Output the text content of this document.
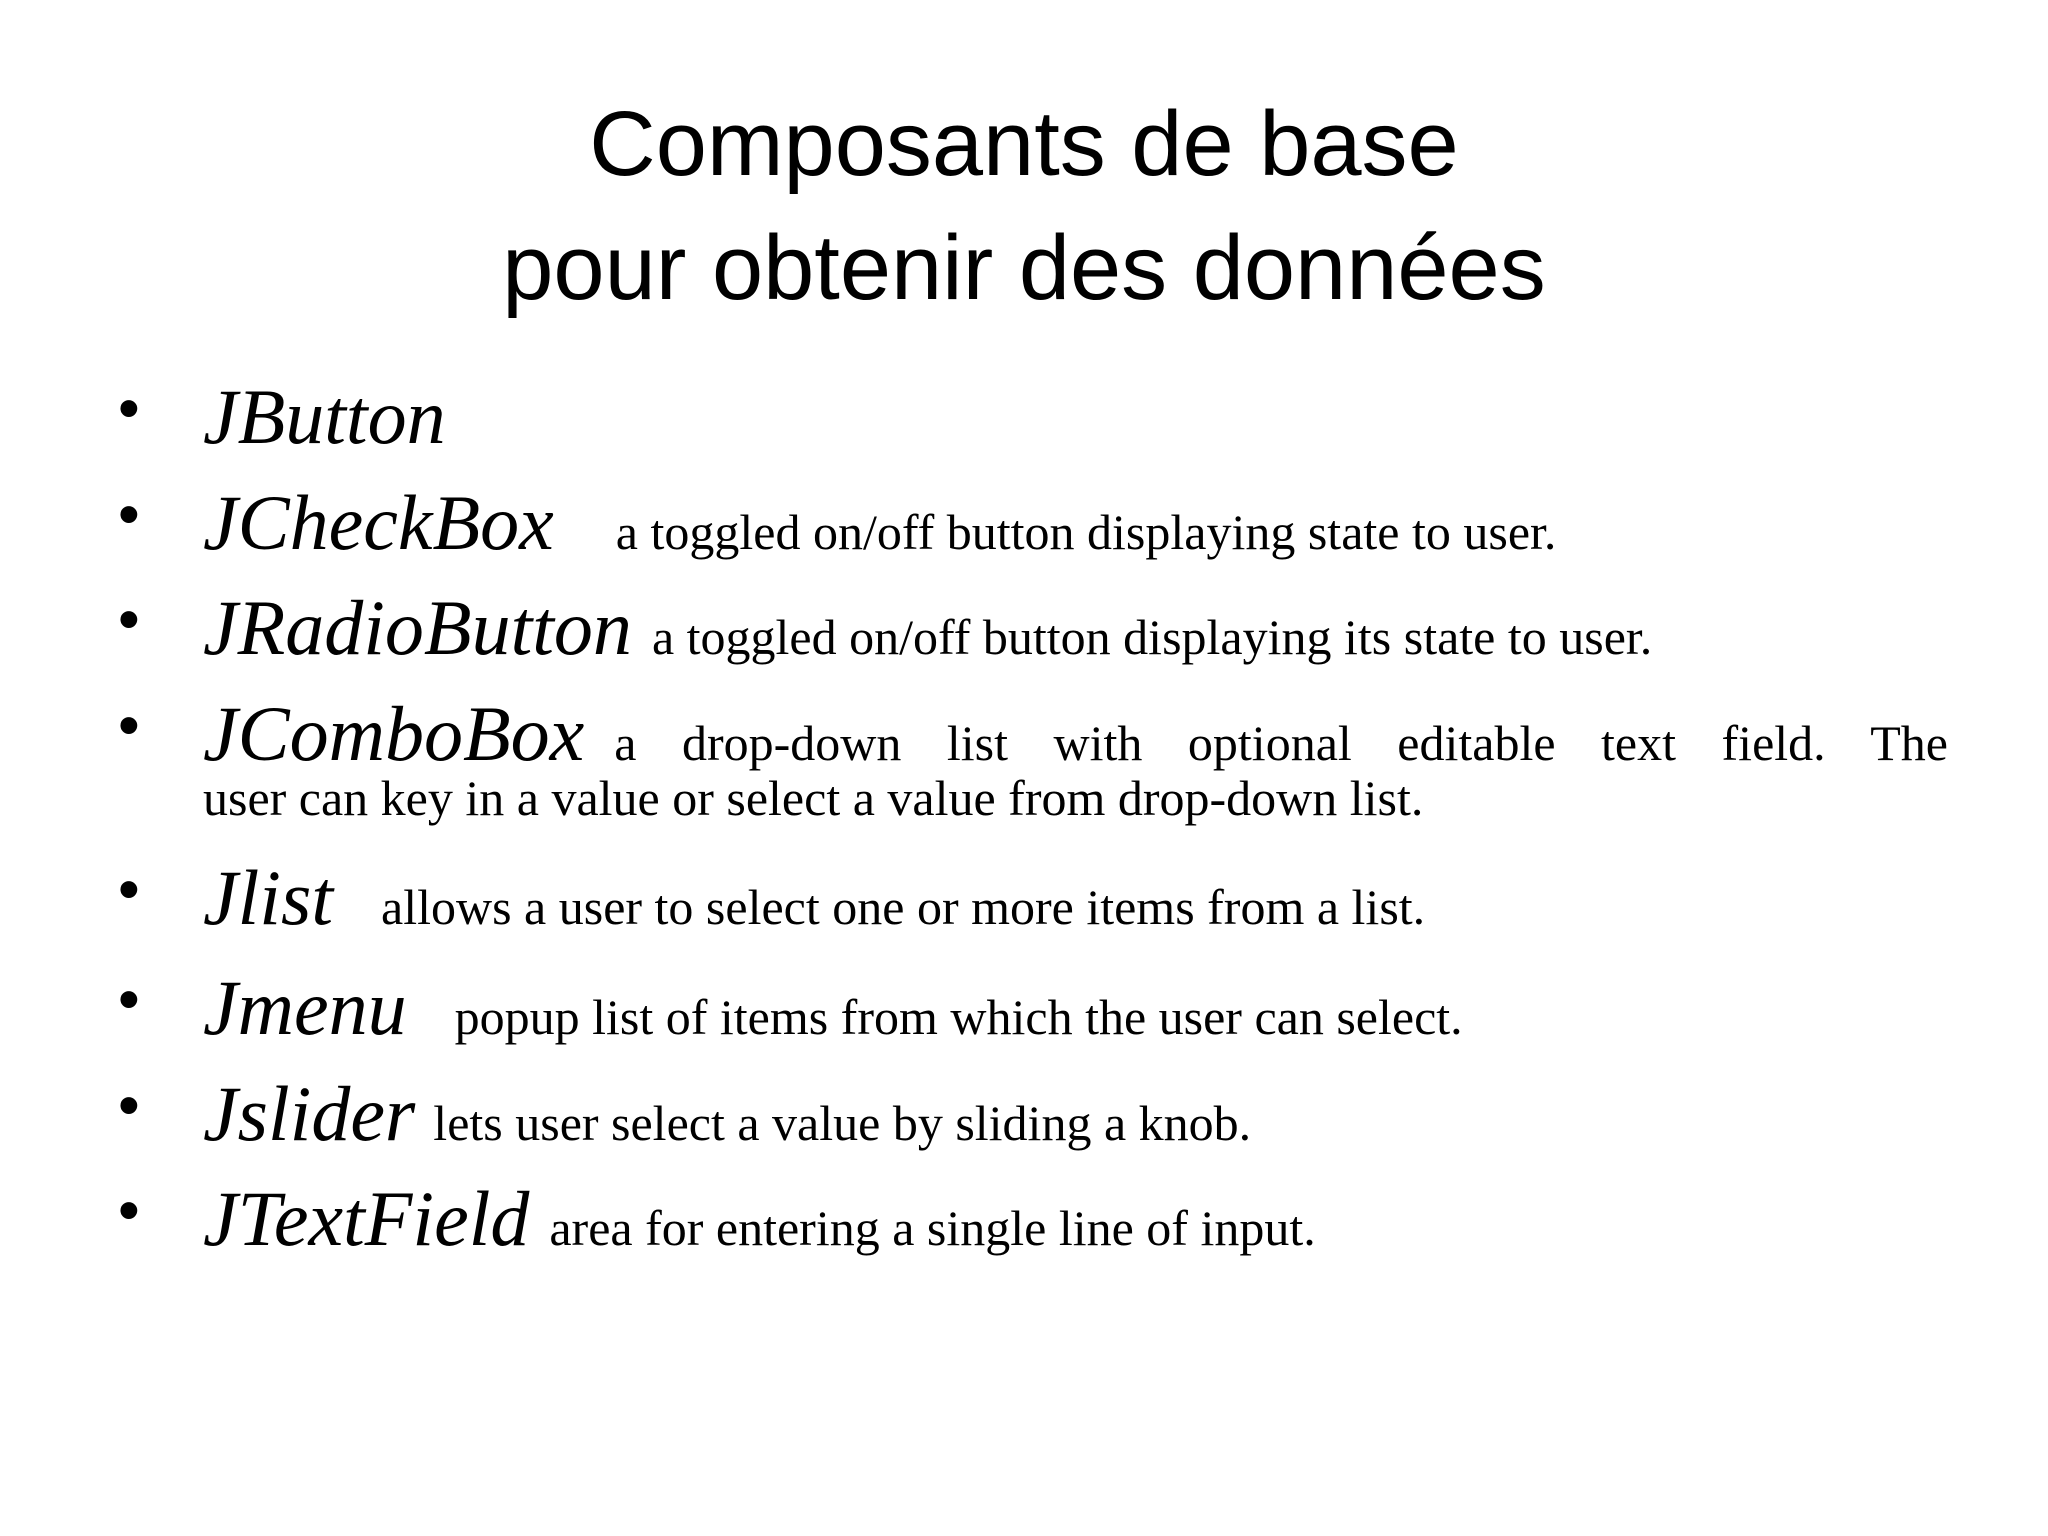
Composants de base
pour obtenir des données
• JButton
• JCheckBox a toggled on/off button displaying state to user.
• JRadioButton a toggled on/off button displaying its state to user.
• JComboBox a drop-down list with optional editable text field. The
user can key in a value or select a value from drop-down list.
• Jlist allows a user to select one or more items from a list.
• Jmenu popup list of items from which the user can select.
• Jslider lets user select a value by sliding a knob.
• JTextField area for entering a single line of input.
